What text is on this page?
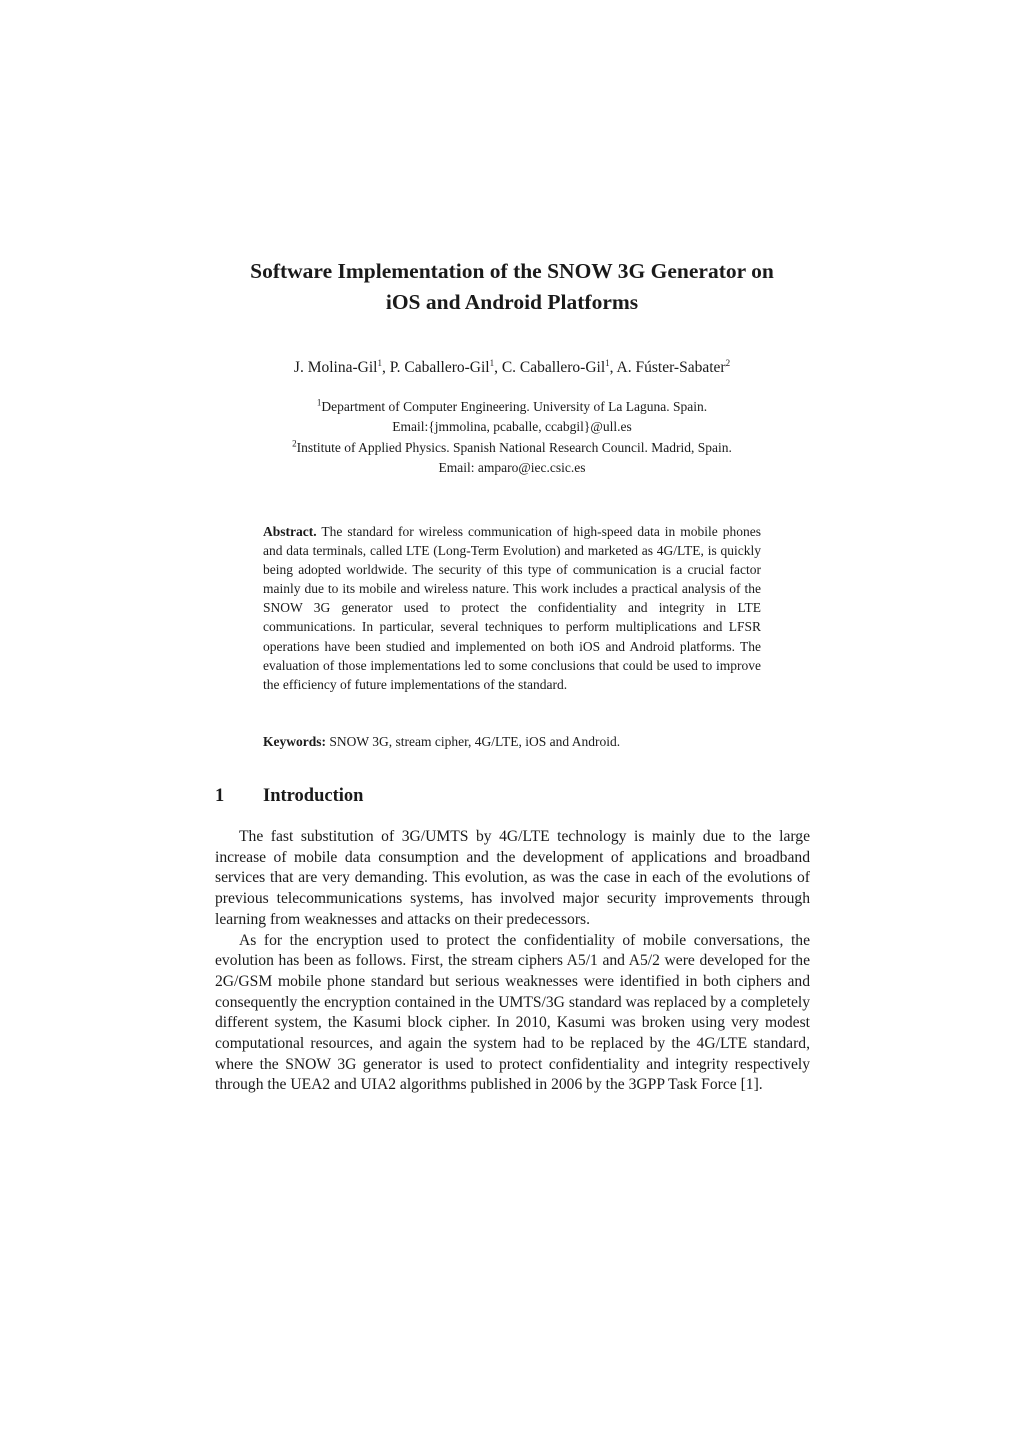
Software Implementation of the SNOW 3G Generator on
iOS and Android Platforms
J. Molina-Gil$^1$, P. Caballero-Gil$^1$, C. Caballero-Gil$^1$, A. Fúster-Sabater$^2$
$^1$Department of Computer Engineering. University of La Laguna. Spain.
Email:{jmmolina, pcaballe, ccabgil}@ull.es
$^2$Institute of Applied Physics. Spanish National Research Council. Madrid, Spain.
Email: amparo@iec.csic.es

Abstract. The standard for wireless communication of high-speed data in mobile phones and data terminals, called LTE (Long-Term Evolution) and marketed as 4G/LTE, is quickly being adopted worldwide. The security of this type of communication is a crucial factor mainly due to its mobile and wireless nature. This work includes a practical analysis of the SNOW 3G generator used to protect the confidentiality and integrity in LTE communications. In particular, several techniques to perform multiplications and LFSR operations have been studied and implemented on both iOS and Android platforms. The evaluation of those implementations led to some conclusions that could be used to improve the efficiency of future implementations of the standard.

Keywords: SNOW 3G, stream cipher, 4G/LTE, iOS and Android.

1 Introduction

The fast substitution of 3G/UMTS by 4G/LTE technology is mainly due to the large increase of mobile data consumption and the development of applications and broadband services that are very demanding. This evolution, as was the case in each of the evolutions of previous telecommunications systems, has involved major security improvements through learning from weaknesses and attacks on their predecessors.

As for the encryption used to protect the confidentiality of mobile conversations, the evolution has been as follows. First, the stream ciphers A5/1 and A5/2 were developed for the 2G/GSM mobile phone standard but serious weaknesses were identified in both ciphers and consequently the encryption contained in the UMTS/3G standard was replaced by a completely different system, the Kasumi block cipher. In 2010, Kasumi was broken using very modest computational resources, and again the system had to be replaced by the 4G/LTE standard, where the SNOW 3G generator is used to protect confidentiality and integrity respectively through the UEA2 and UIA2 algorithms published in 2006 by the 3GPP Task Force [1].
